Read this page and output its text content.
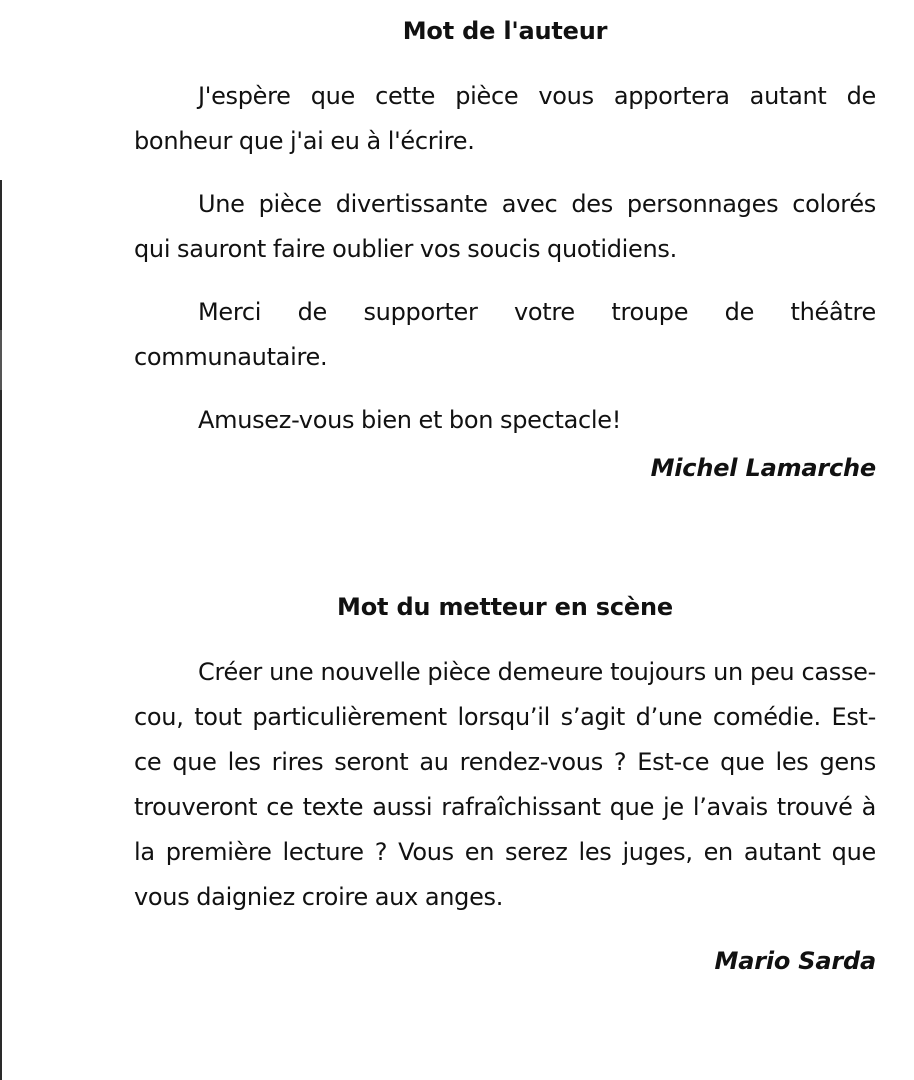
Mot de l'auteur

J'espère que cette pièce vous apportera autant de bonheur que j'ai eu à l'écrire.

Une pièce divertissante avec des personnages colorés qui sauront faire oublier vos soucis quotidiens.

Merci de supporter votre troupe de théâtre communautaire.

Amusez-vous bien et bon spectacle!

Michel Lamarche

Mot du metteur en scène

Créer une nouvelle pièce demeure toujours un peu casse-cou, tout particulièrement lorsqu’il s’agit d’une comédie. Est-ce que les rires seront au rendez-vous ? Est-ce que les gens trouveront ce texte aussi rafraîchissant que je l’avais trouvé à la première lecture ? Vous en serez les juges, en autant que vous daigniez croire aux anges.

Mario Sarda
